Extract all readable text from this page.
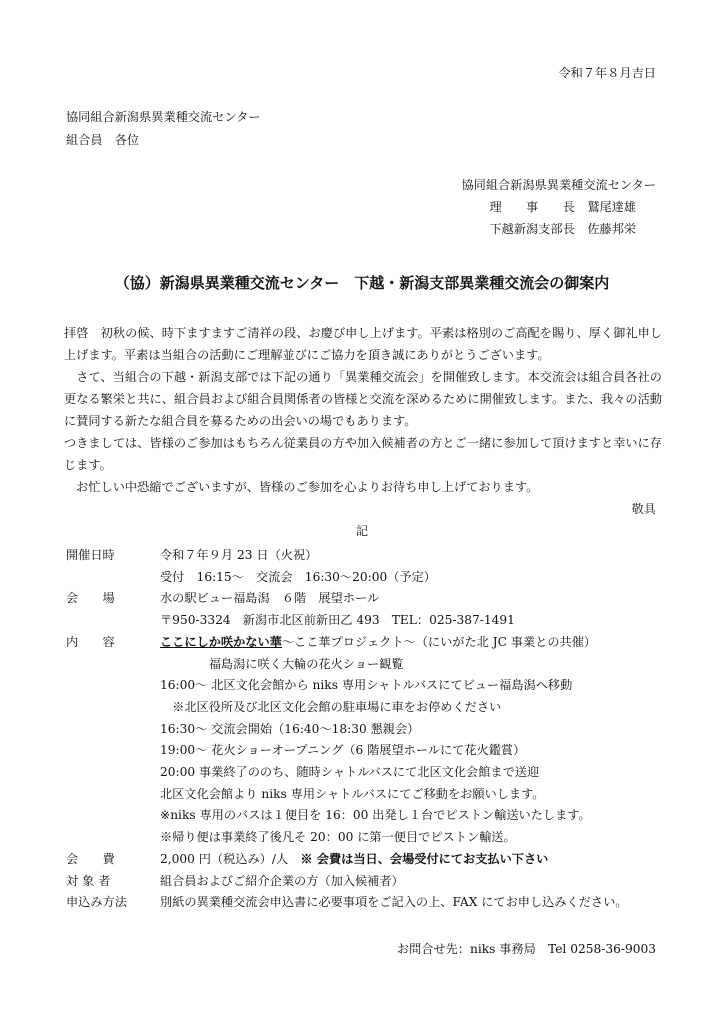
令和７年８月吉日
協同組合新潟県異業種交流センター
組合員　各位
協同組合新潟県異業種交流センター
理　　事　　長 鷲尾達雄
下越新潟支部長 佐藤邦栄
（協）新潟県異業種交流センター　下越・新潟支部異業種交流会の御案内

拝啓　初秋の候、時下ますますご清祥の段、お慶び申し上げます。平素は格別のご高配を賜り、厚く御礼申し上げます。平素は当組合の活動にご理解並びにご協力を頂き誠にありがとうございます。

　さて、当組合の下越・新潟支部では下記の通り「異業種交流会」を開催致します。本交流会は組合員各社の更なる繁栄と共に、組合員および組合員関係者の皆様と交流を深めるために開催致します。また、我々の活動に賛同する新たな組合員を募るための出会いの場でもあります。

つきましては、皆様のご参加はもちろん従業員の方や加入候補者の方とご一緒に参加して頂けますと幸いに存じます。

　お忙しい中恐縮でございますが、皆様のご参加を心よりお待ち申し上げております。

敬具
記
開催日時	令和７年９月 23 日（火祝）
受付　16:15〜　交流会　16:30〜20:00（予定）
会　　場	水の駅ビュー福島潟　６階　展望ホール
〒950-3324　新潟市北区前新田乙 493　TEL：025-387-1491
内　　容	ここにしか咲かない華〜ここ華プロジェクト〜（にいがた北 JC 事業との共催）
　　　　福島潟に咲く大輪の花火ショー観覧
16:00〜 北区文化会館から niks 専用シャトルバスにてビュー福島潟へ移動
　※北区役所及び北区文化会館の駐車場に車をお停めください
16:30〜 交流会開始（16:40〜18:30 懇親会）
19:00〜 花火ショーオープニング（6 階展望ホールにて花火鑑賞）
20:00 事業終了ののち、随時シャトルバスにて北区文化会館まで送迎
北区文化会館より niks 専用シャトルバスにてご移動をお願いします。
※niks 専用のバスは１便目を 16：00 出発し１台でピストン輸送いたします。
※帰り便は事業終了後凡そ 20：00 に第一便目でピストン輸送。
会　　費	2,000 円（税込み）/人　※ 会費は当日、会場受付にてお支払い下さい
対 象 者	組合員およびご紹介企業の方（加入候補者）
申込み方法	別紙の異業種交流会申込書に必要事項をご記入の上、FAX にてお申し込みください。
お問合せ先：niks 事務局　Tel 0258-36-9003
